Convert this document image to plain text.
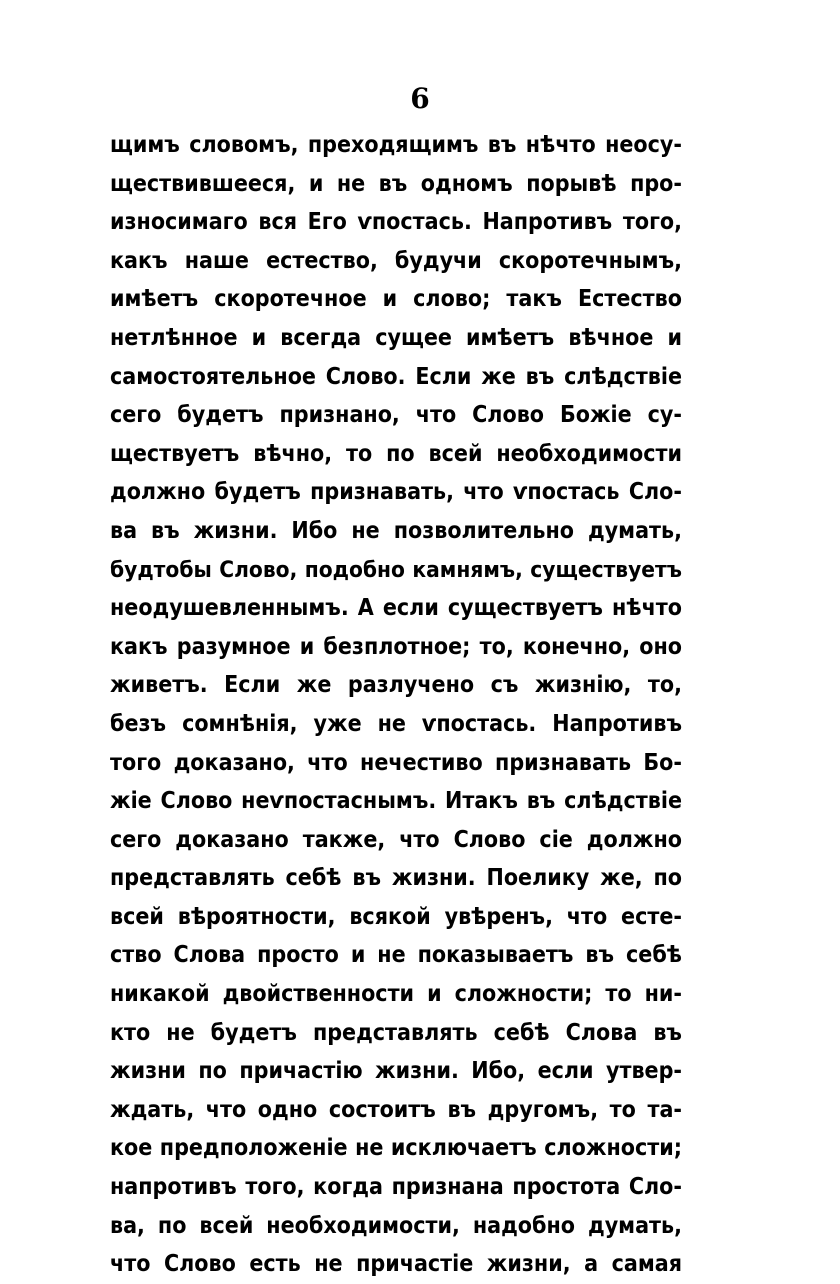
6
щимъ словомъ, преходящимъ въ нѣчто неосу-
ществившееся, и не въ одномъ порывѣ про-
износимаго вся Его ѵпостась. Напротивъ того,
какъ наше естество, будучи скоротечнымъ,
имѣетъ скоротечное и слово; такъ Естество
нетлѣнное и всегда сущее имѣетъ вѣчное и
самостоятельное Слово. Если же въ слѣдствіе
сего будетъ признано, что Слово Божіе су-
ществуетъ вѣчно, то по всей необходимости
должно будетъ признавать, что ѵпостась Сло-
ва въ жизни. Ибо не позволительно думать,
будтобы Слово, подобно камнямъ, существуетъ
неодушевленнымъ. А если существуетъ нѣчто
какъ разумное и безплотное; то, конечно, оно
живетъ. Если же разлучено съ жизнію, то,
безъ сомнѣнія, уже не ѵпостась. Напротивъ
того доказано, что нечестиво признавать Бо-
жіе Слово неѵпостаснымъ. Итакъ въ слѣдствіе
сего доказано также, что Слово сіе должно
представлять себѣ въ жизни. Поелику же, по
всей вѣроятности, всякой увѣренъ, что есте-
ство Слова просто и не показываетъ въ себѣ
никакой двойственности и сложности; то ни-
кто не будетъ представлять себѣ Слова въ
жизни по причастію жизни. Ибо, если утвер-
ждать, что одно состоитъ въ другомъ, то та-
кое предположеніе не исключаетъ сложности;
напротивъ того, когда признана простота Сло-
ва, по всей необходимости, надобно думать,
что Слово есть не причастіе жизни, а самая
